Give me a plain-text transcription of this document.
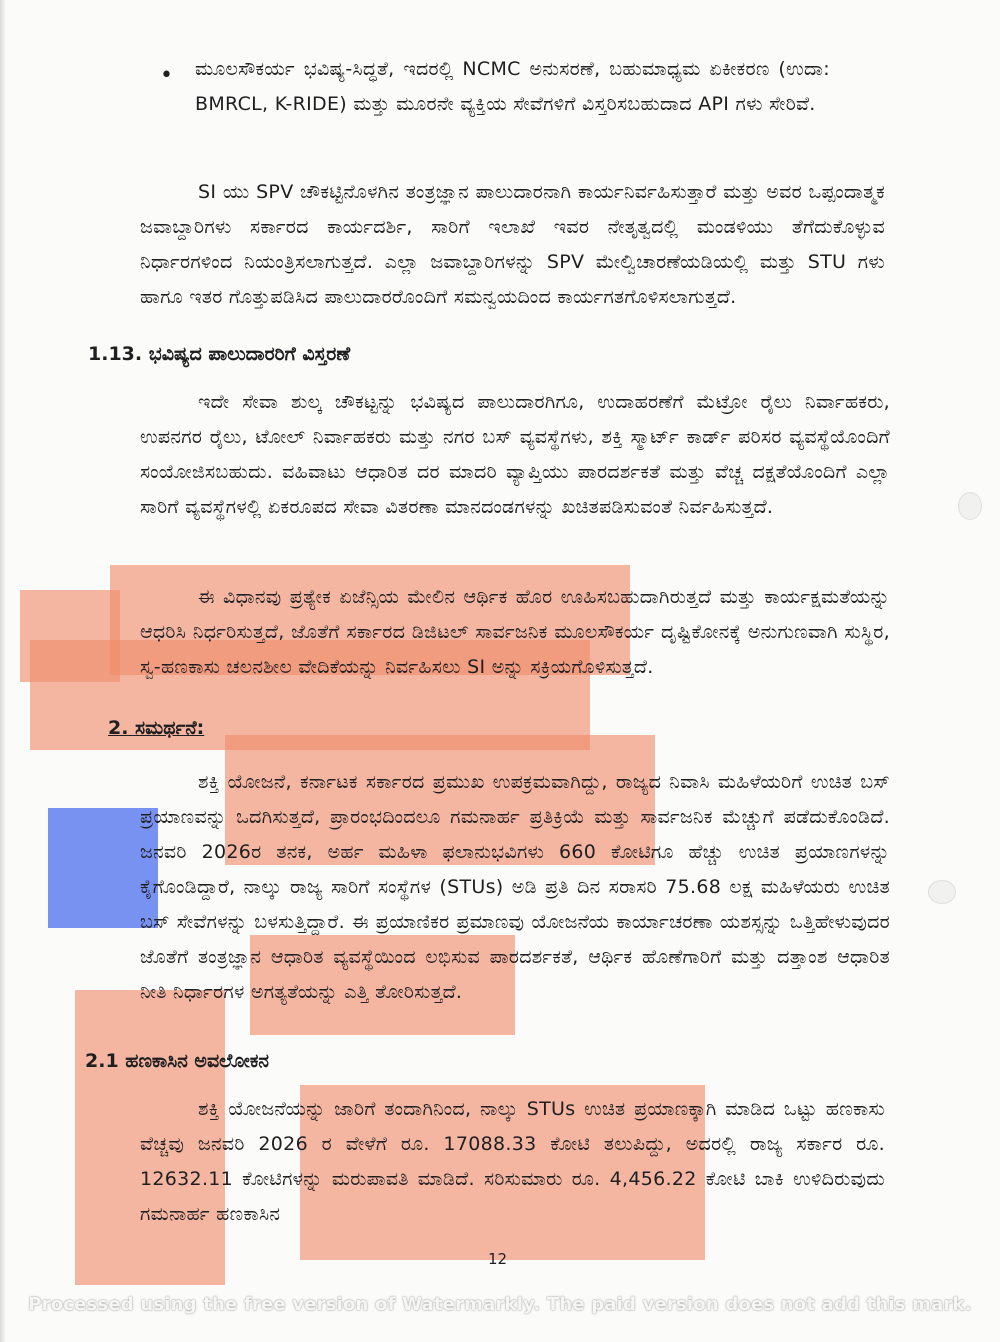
• ಮೂಲಸೌಕರ್ಯ ಭವಿಷ್ಯ-ಸಿದ್ಧತೆ, ಇದರಲ್ಲಿ NCMC ಅನುಸರಣೆ, ಬಹುಮಾಧ್ಯಮ ಏಕೀಕರಣ (ಉದಾ: BMRCL, K-RIDE) ಮತ್ತು ಮೂರನೇ ವ್ಯಕ್ತಿಯ ಸೇವೆಗಳಿಗೆ ವಿಸ್ತರಿಸಬಹುದಾದ API ಗಳು ಸೇರಿವೆ.
SI ಯು SPV ಚೌಕಟ್ಟಿನೊಳಗಿನ ತಂತ್ರಜ್ಞಾನ ಪಾಲುದಾರನಾಗಿ ಕಾರ್ಯನಿರ್ವಹಿಸುತ್ತಾರೆ ಮತ್ತು ಅವರ ಒಪ್ಪಂದಾತ್ಮಕ ಜವಾಬ್ದಾರಿಗಳು ಸರ್ಕಾರದ ಕಾರ್ಯದರ್ಶಿ, ಸಾರಿಗೆ ಇಲಾಖೆ ಇವರ ನೇತೃತ್ವದಲ್ಲಿ ಮಂಡಳಿಯು ತೆಗೆದುಕೊಳ್ಳುವ ನಿರ್ಧಾರಗಳಿಂದ ನಿಯಂತ್ರಿಸಲಾಗುತ್ತದೆ. ಎಲ್ಲಾ ಜವಾಬ್ದಾರಿಗಳನ್ನು SPV ಮೇಲ್ವಿಚಾರಣೆಯಡಿಯಲ್ಲಿ ಮತ್ತು STU ಗಳು ಹಾಗೂ ಇತರ ಗೊತ್ತುಪಡಿಸಿದ ಪಾಲುದಾರರೊಂದಿಗೆ ಸಮನ್ವಯದಿಂದ ಕಾರ್ಯಗತಗೊಳಿಸಲಾಗುತ್ತದೆ.
1.13. ಭವಿಷ್ಯದ ಪಾಲುದಾರರಿಗೆ ವಿಸ್ತರಣೆ
ಇದೇ ಸೇವಾ ಶುಲ್ಕ ಚೌಕಟ್ಟನ್ನು ಭವಿಷ್ಯದ ಪಾಲುದಾರಗಿಗೂ, ಉದಾಹರಣೆಗೆ ಮೆಟ್ರೋ ರೈಲು ನಿರ್ವಾಹಕರು, ಉಪನಗರ ರೈಲು, ಟೋಲ್ ನಿರ್ವಾಹಕರು ಮತ್ತು ನಗರ ಬಸ್ ವ್ಯವಸ್ಥೆಗಳು, ಶಕ್ತಿ ಸ್ಮಾರ್ಟ್ ಕಾರ್ಡ್ ಪರಿಸರ ವ್ಯವಸ್ಥೆಯೊಂದಿಗೆ ಸಂಯೋಜಿಸಬಹುದು. ವಹಿವಾಟು ಆಧಾರಿತ ದರ ಮಾದರಿ ವ್ಯಾಪ್ತಿಯು ಪಾರದರ್ಶಕತೆ ಮತ್ತು ವೆಚ್ಚ ದಕ್ಷತೆಯೊಂದಿಗೆ ಎಲ್ಲಾ ಸಾರಿಗೆ ವ್ಯವಸ್ಥೆಗಳಲ್ಲಿ ಏಕರೂಪದ ಸೇವಾ ವಿತರಣಾ ಮಾನದಂಡಗಳನ್ನು ಖಚಿತಪಡಿಸುವಂತೆ ನಿರ್ವಹಿಸುತ್ತದೆ.
ಈ ವಿಧಾನವು ಪ್ರತ್ಯೇಕ ಏಜೆನ್ಸಿಯ ಮೇಲಿನ ಆರ್ಥಿಕ ಹೊರ ಊಹಿಸಬಹುದಾಗಿರುತ್ತದೆ ಮತ್ತು ಕಾರ್ಯಕ್ಷಮತೆಯನ್ನು ಆಧರಿಸಿ ನಿರ್ಧರಿಸುತ್ತದೆ, ಜೊತೆಗೆ ಸರ್ಕಾರದ ಡಿಜಿಟಲ್ ಸಾರ್ವಜನಿಕ ಮೂಲಸೌಕರ್ಯ ದೃಷ್ಟಿಕೋನಕ್ಕೆ ಅನುಗುಣವಾಗಿ ಸುಸ್ಥಿರ, ಸ್ವ-ಹಣಕಾಸು ಚಲನಶೀಲ ವೇದಿಕೆಯನ್ನು ನಿರ್ವಹಿಸಲು SI ಅನ್ನು ಸಕ್ರಿಯಗೊಳಿಸುತ್ತದೆ.
2. ಸಮರ್ಥನೆ:
ಶಕ್ತಿ ಯೋಜನೆ, ಕರ್ನಾಟಕ ಸರ್ಕಾರದ ಪ್ರಮುಖ ಉಪಕ್ರಮವಾಗಿದ್ದು, ರಾಜ್ಯದ ನಿವಾಸಿ ಮಹಿಳೆಯರಿಗೆ ಉಚಿತ ಬಸ್ ಪ್ರಯಾಣವನ್ನು ಒದಗಿಸುತ್ತದೆ, ಪ್ರಾರಂಭದಿಂದಲೂ ಗಮನಾರ್ಹ ಪ್ರತಿಕ್ರಿಯೆ ಮತ್ತು ಸಾರ್ವಜನಿಕ ಮೆಚ್ಚುಗೆ ಪಡೆದುಕೊಂಡಿದೆ. ಜನವರಿ 2026ರ ತನಕ, ಅರ್ಹ ಮಹಿಳಾ ಫಲಾನುಭವಿಗಳು 660 ಕೋಟಿಗೂ ಹೆಚ್ಚು ಉಚಿತ ಪ್ರಯಾಣಗಳನ್ನು ಕೈಗೊಂಡಿದ್ದಾರೆ, ನಾಲ್ಕು ರಾಜ್ಯ ಸಾರಿಗೆ ಸಂಸ್ಥೆಗಳ (STUs) ಅಡಿ ಪ್ರತಿ ದಿನ ಸರಾಸರಿ 75.68 ಲಕ್ಷ ಮಹಿಳೆಯರು ಉಚಿತ ಬಸ್ ಸೇವೆಗಳನ್ನು ಬಳಸುತ್ತಿದ್ದಾರೆ. ಈ ಪ್ರಯಾಣಿಕರ ಪ್ರಮಾಣವು ಯೋಜನೆಯ ಕಾರ್ಯಾಚರಣಾ ಯಶಸ್ಸನ್ನು ಒತ್ತಿಹೇಳುವುದರ ಜೊತೆಗೆ ತಂತ್ರಜ್ಞಾನ ಆಧಾರಿತ ವ್ಯವಸ್ಥೆಯಿಂದ ಲಭಿಸುವ ಪಾರದರ್ಶಕತೆ, ಆರ್ಥಿಕ ಹೊಣೆಗಾರಿಗೆ ಮತ್ತು ದತ್ತಾಂಶ ಆಧಾರಿತ ನೀತಿ ನಿರ್ಧಾರಗಳ ಅಗತ್ಯತೆಯನ್ನು ಎತ್ತಿ ತೋರಿಸುತ್ತದೆ.
2.1 ಹಣಕಾಸಿನ ಅವಲೋಕನ
ಶಕ್ತಿ ಯೋಜನೆಯನ್ನು ಜಾರಿಗೆ ತಂದಾಗಿನಿಂದ, ನಾಲ್ಕು STUs ಉಚಿತ ಪ್ರಯಾಣಕ್ಕಾಗಿ ಮಾಡಿದ ಒಟ್ಟು ಹಣಕಾಸು ವೆಚ್ಚವು ಜನವರಿ 2026 ರ ವೇಳೆಗೆ ರೂ. 17088.33 ಕೋಟಿ ತಲುಪಿದ್ದು, ಅದರಲ್ಲಿ ರಾಜ್ಯ ಸರ್ಕಾರ ರೂ. 12632.11 ಕೋಟಿಗಳನ್ನು ಮರುಪಾವತಿ ಮಾಡಿದೆ. ಸರಿಸುಮಾರು ರೂ. 4,456.22 ಕೋಟಿ ಬಾಕಿ ಉಳಿದಿರುವುದು ಗಮನಾರ್ಹ ಹಣಕಾಸಿನ
12
Processed using the free version of Watermarkly. The paid version does not add this mark.
